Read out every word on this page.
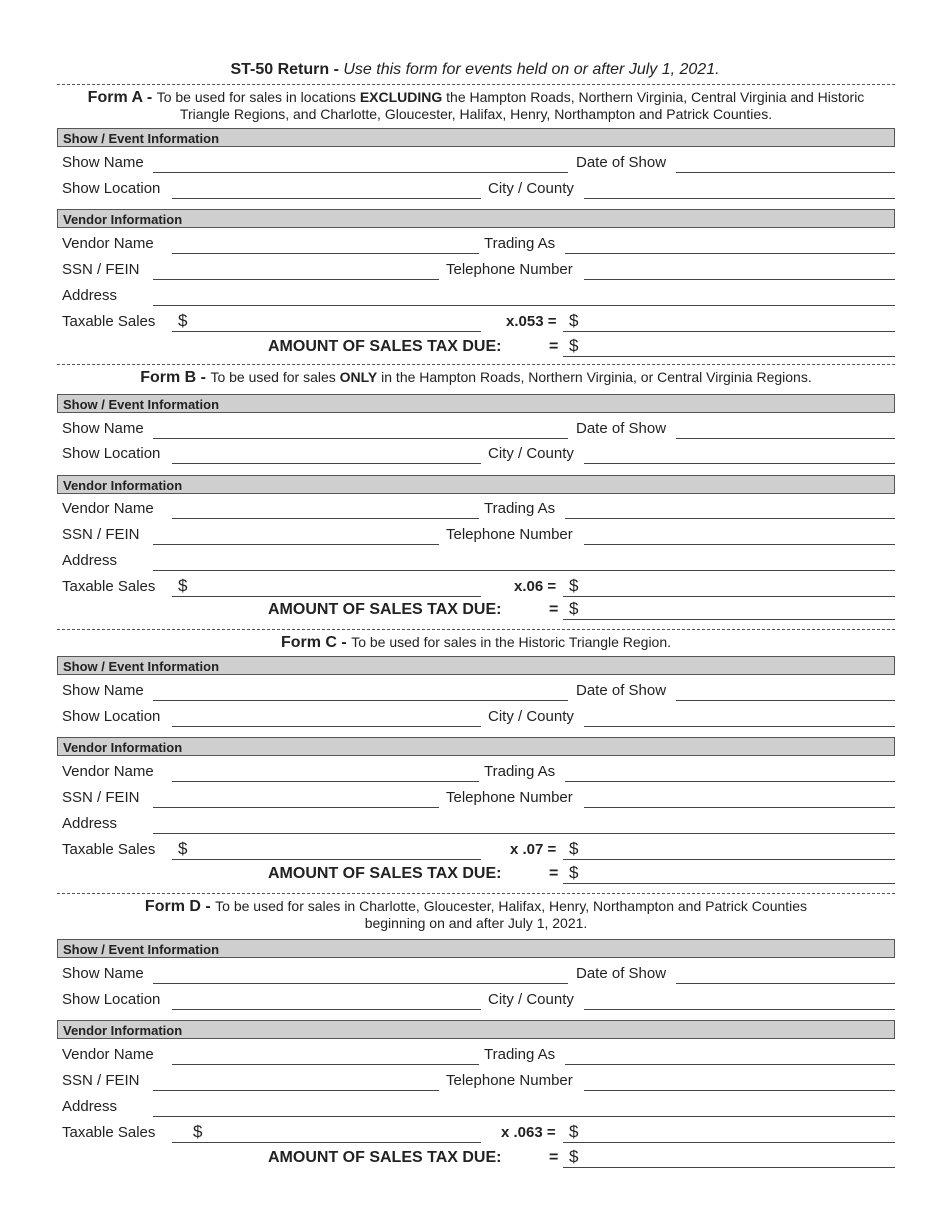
ST-50 Return - Use this form for events held on or after July 1, 2021.
Form A - To be used for sales in locations EXCLUDING the Hampton Roads, Northern Virginia, Central Virginia and Historic
Triangle Regions, and Charlotte, Gloucester, Halifax, Henry, Northampton and Patrick Counties.
Show / Event Information
Show Name	Date of Show
Show Location	City / County
Vendor Information
Vendor Name	Trading As
SSN / FEIN	Telephone Number
Address
Taxable Sales $	x.053 = $
AMOUNT OF SALES TAX DUE:	= $
Form B - To be used for sales ONLY in the Hampton Roads, Northern Virginia, or Central Virginia Regions.
Show / Event Information
Show Name	Date of Show
Show Location	City / County
Vendor Information
Vendor Name	Trading As
SSN / FEIN	Telephone Number
Address
Taxable Sales $	x.06 = $
AMOUNT OF SALES TAX DUE:	= $
Form C - To be used for sales in the Historic Triangle Region.
Show / Event Information
Show Name	Date of Show
Show Location	City / County
Vendor Information
Vendor Name	Trading As
SSN / FEIN	Telephone Number
Address
Taxable Sales $	x .07 = $
AMOUNT OF SALES TAX DUE:	= $
Form D - To be used for sales in Charlotte, Gloucester, Halifax, Henry, Northampton and Patrick Counties
beginning on and after July 1, 2021.
Show / Event Information
Show Name	Date of Show
Show Location	City / County
Vendor Information
Vendor Name	Trading As
SSN / FEIN	Telephone Number
Address
Taxable Sales $	x .063 = $
AMOUNT OF SALES TAX DUE:	= $
